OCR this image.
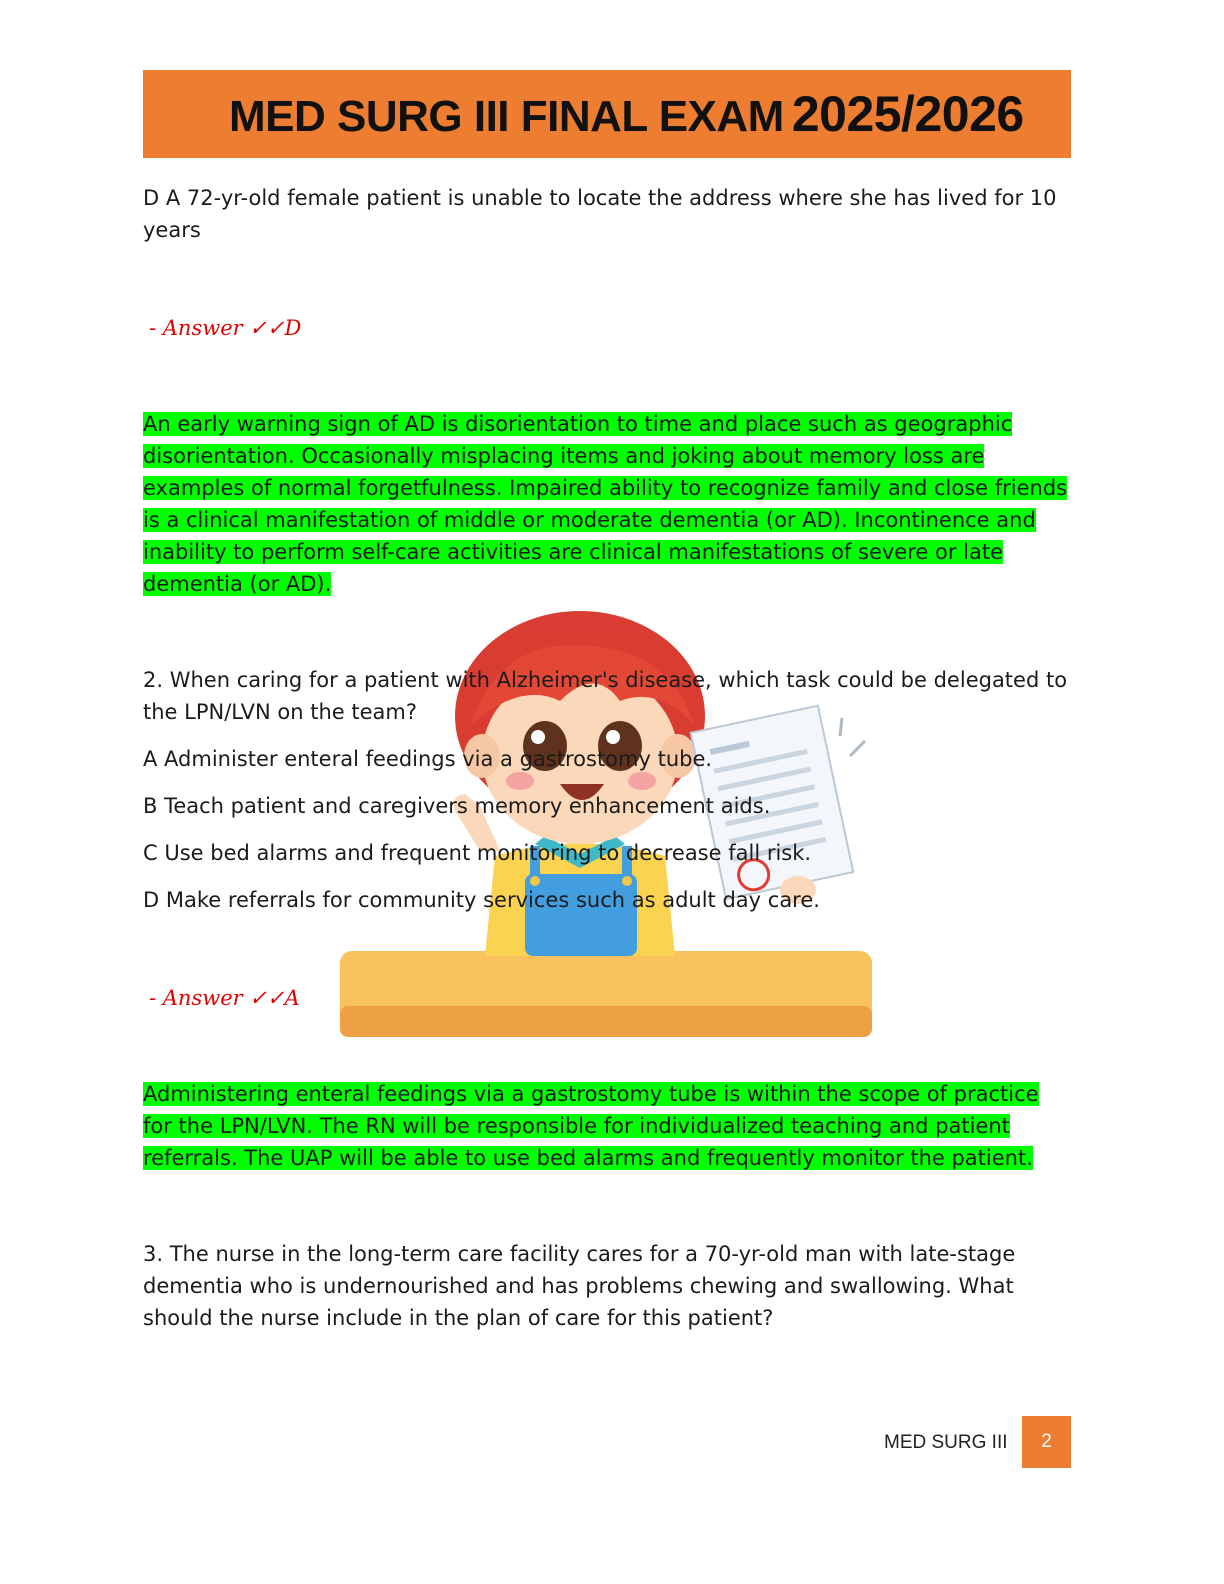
MED SURG III FINAL EXAM 2025/2026

D A 72-yr-old female patient is unable to locate the address where she has lived for 10 years

- Answer ✓✓D

An early warning sign of AD is disorientation to time and place such as geographic disorientation. Occasionally misplacing items and joking about memory loss are examples of normal forgetfulness. Impaired ability to recognize family and close friends is a clinical manifestation of middle or moderate dementia (or AD). Incontinence and inability to perform self-care activities are clinical manifestations of severe or late dementia (or AD).

2. When caring for a patient with Alzheimer's disease, which task could be delegated to the LPN/LVN on the team?

A Administer enteral feedings via a gastrostomy tube.

B Teach patient and caregivers memory enhancement aids.

C Use bed alarms and frequent monitoring to decrease fall risk.

D Make referrals for community services such as adult day care.

- Answer ✓✓A

Administering enteral feedings via a gastrostomy tube is within the scope of practice for the LPN/LVN. The RN will be responsible for individualized teaching and patient referrals. The UAP will be able to use bed alarms and frequently monitor the patient.

3. The nurse in the long-term care facility cares for a 70-yr-old man with late-stage dementia who is undernourished and has problems chewing and swallowing. What should the nurse include in the plan of care for this patient?

MED SURG III	2
